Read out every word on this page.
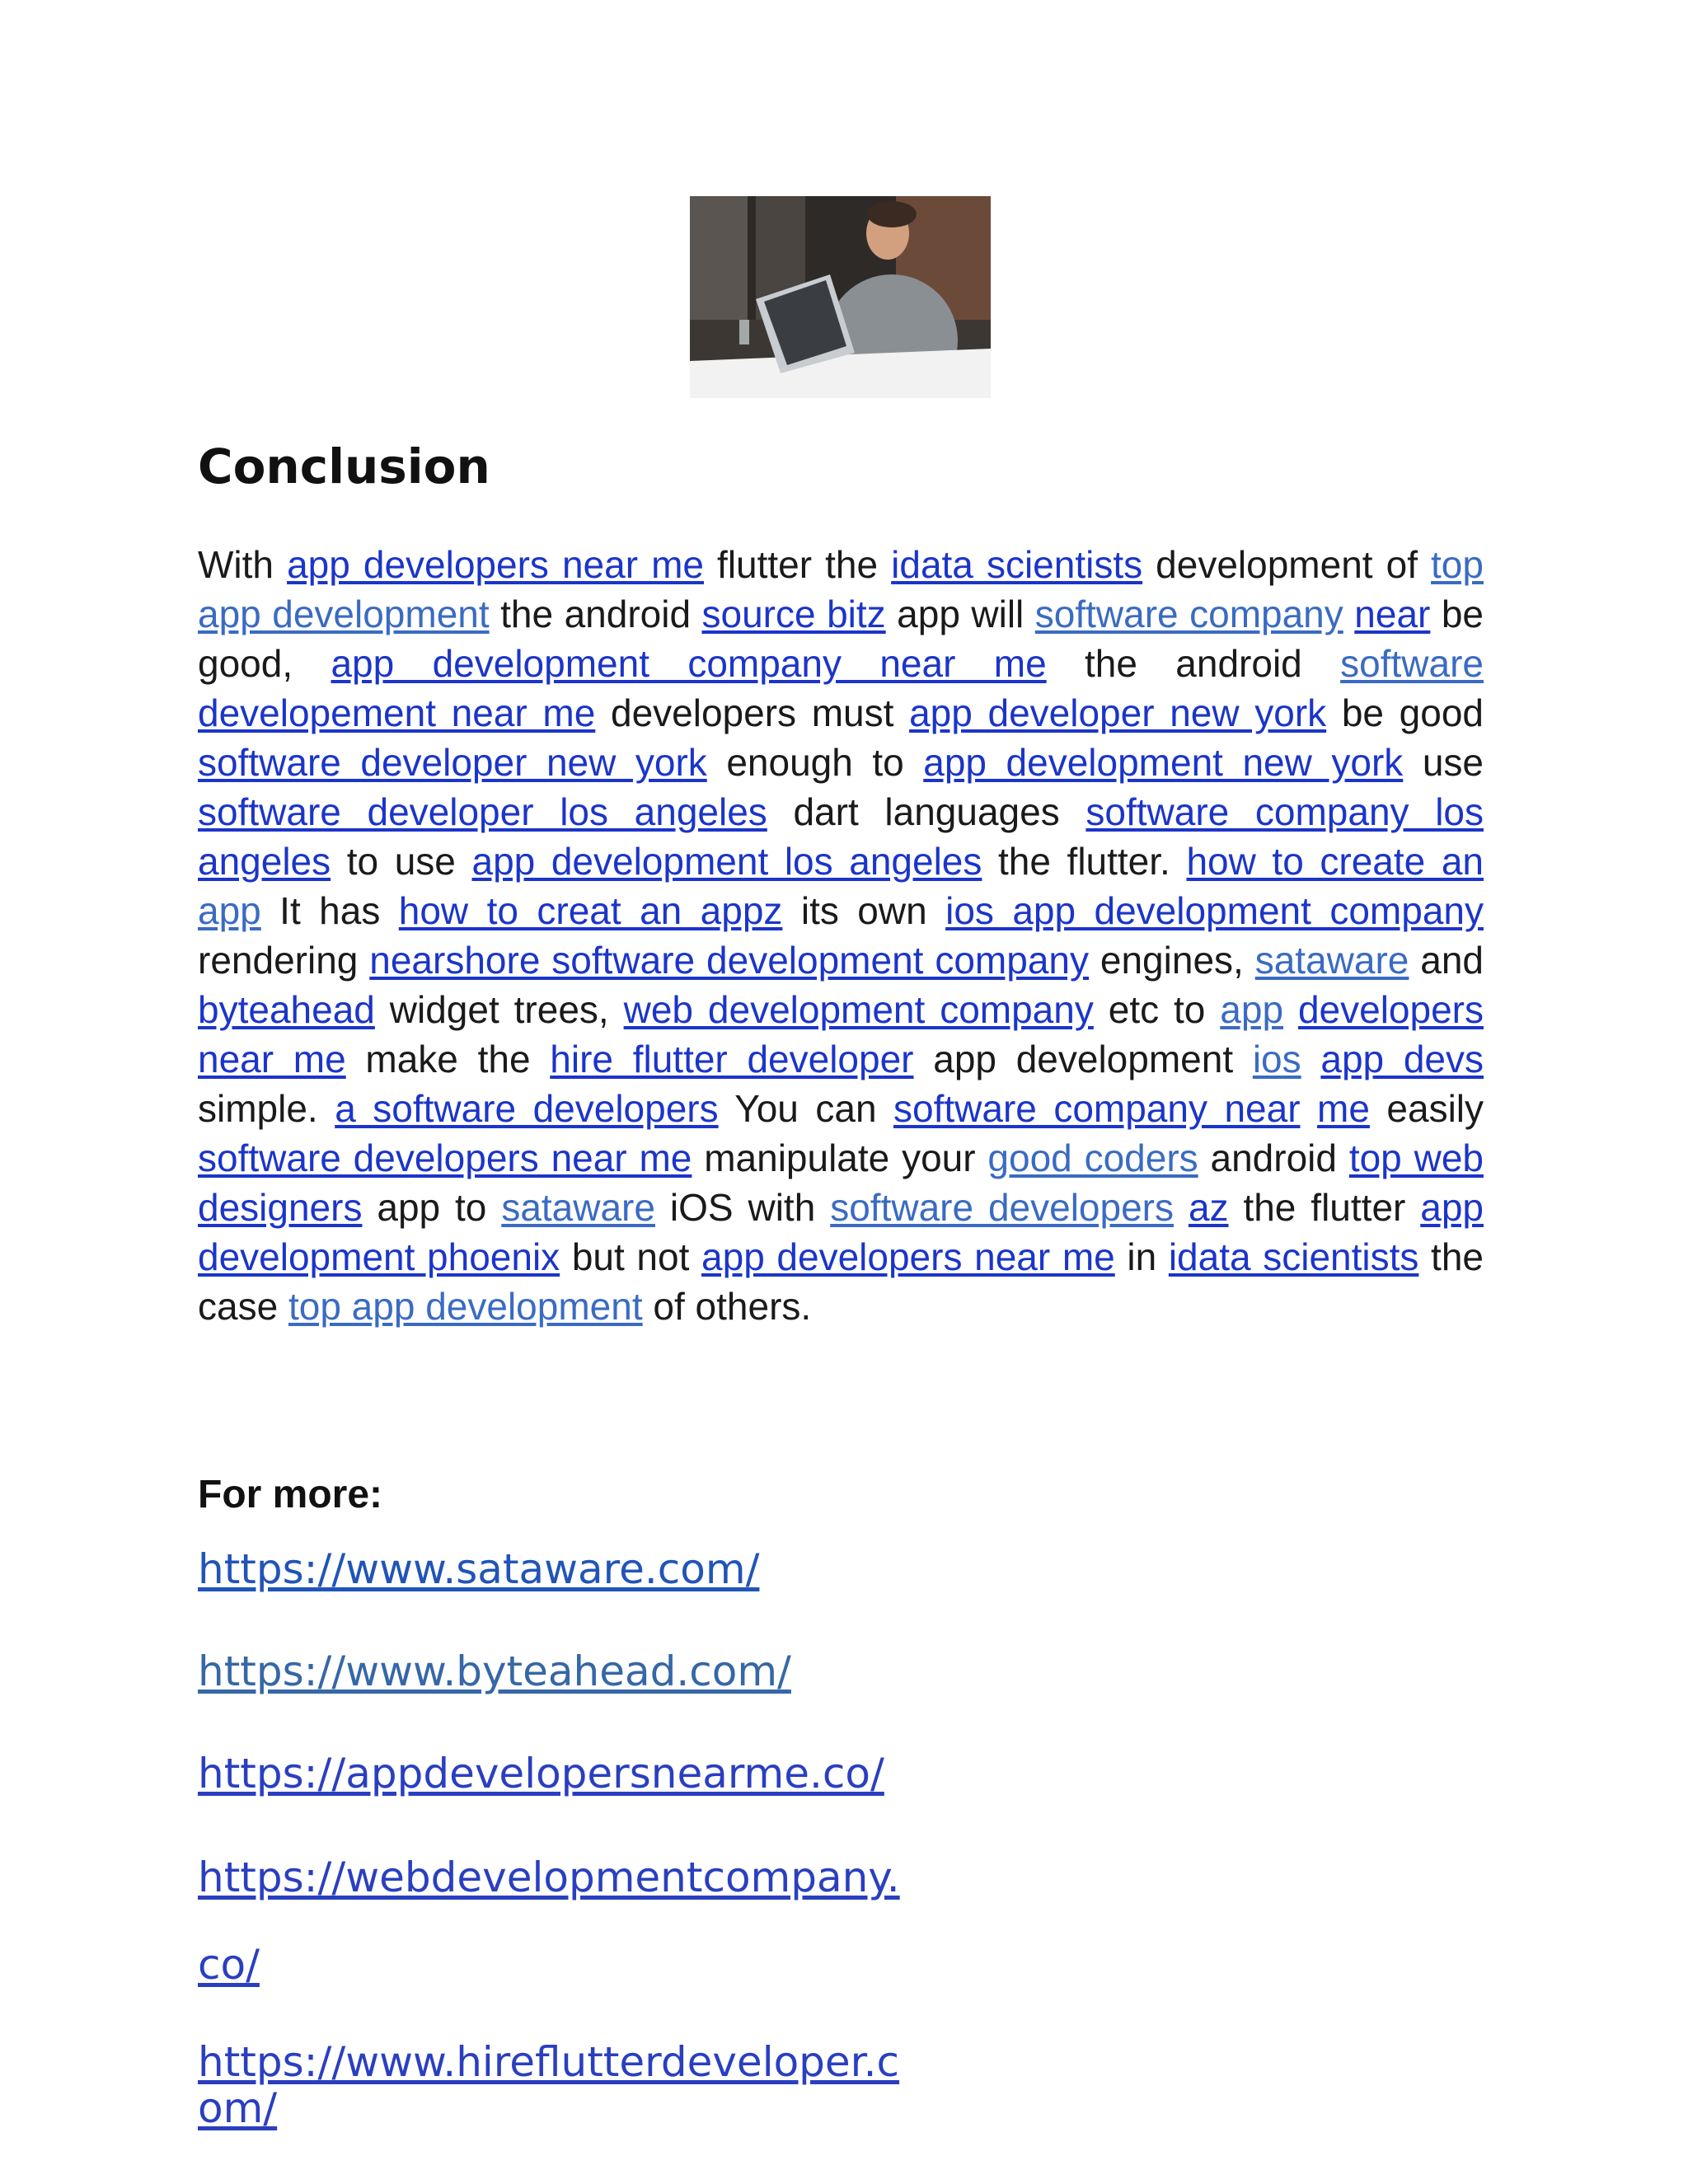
Conclusion

With app developers near me flutter the idata scientists development of top app development the android source bitz app will software company near be good, app development company near me the android software developement near me developers must app developer new york be good software developer new york enough to app development new york use software developer los angeles dart languages software company los angeles to use app development los angeles the flutter. how to create an app It has how to creat an appz its own ios app development company rendering nearshore software development company engines, sataware and byteahead widget trees, web development company etc to app developers near me make the hire flutter developer app development ios app devs simple. a software developers You can software company near me easily software developers near me manipulate your good coders android top web designers app to sataware iOS with software developers az the flutter app development phoenix but not app developers near me in idata scientists the case top app development of others.

For more:
https://www.sataware.com/
https://www.byteahead.com/
https://appdevelopersnearme.co/
https://webdevelopmentcompany.
co/
https://www.hireflutterdeveloper.c
om/
